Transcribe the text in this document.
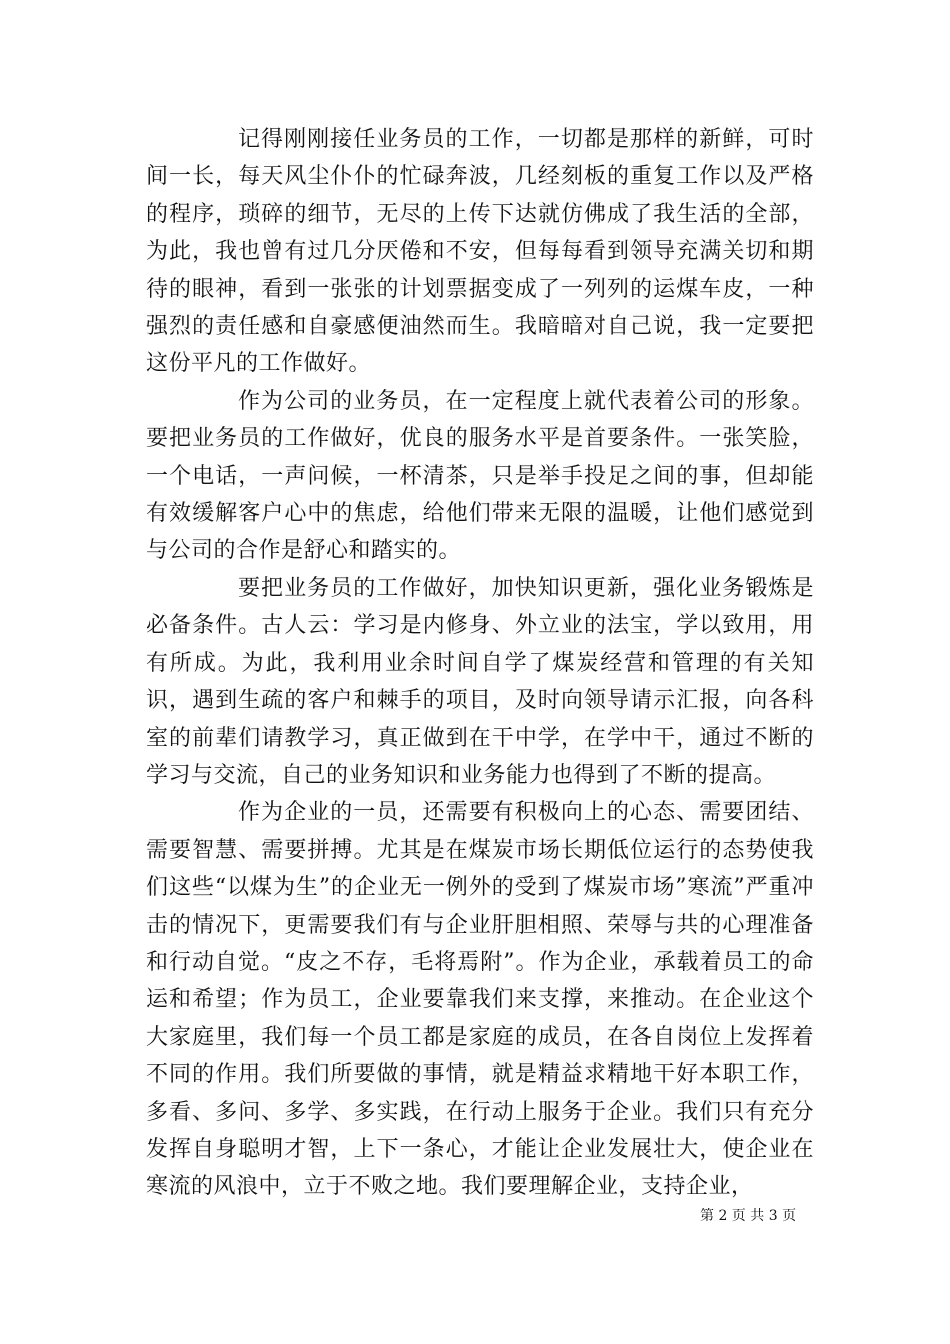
记得刚刚接任业务员的工作，一切都是那样的新鲜，可时间一长，每天风尘仆仆的忙碌奔波，几经刻板的重复工作以及严格的程序，琐碎的细节，无尽的上传下达就仿佛成了我生活的全部，为此，我也曾有过几分厌倦和不安，但每每看到领导充满关切和期待的眼神，看到一张张的计划票据变成了一列列的运煤车皮，一种强烈的责任感和自豪感便油然而生。我暗暗对自己说，我一定要把这份平凡的工作做好。

作为公司的业务员，在一定程度上就代表着公司的形象。要把业务员的工作做好，优良的服务水平是首要条件。一张笑脸，一个电话，一声问候，一杯清茶，只是举手投足之间的事，但却能有效缓解客户心中的焦虑，给他们带来无限的温暖，让他们感觉到与公司的合作是舒心和踏实的。

要把业务员的工作做好，加快知识更新，强化业务锻炼是必备条件。古人云：学习是内修身、外立业的法宝，学以致用，用有所成。为此，我利用业余时间自学了煤炭经营和管理的有关知识，遇到生疏的客户和棘手的项目，及时向领导请示汇报，向各科室的前辈们请教学习，真正做到在干中学，在学中干，通过不断的学习与交流，自己的业务知识和业务能力也得到了不断的提高。

作为企业的一员，还需要有积极向上的心态、需要团结、需要智慧、需要拼搏。尤其是在煤炭市场长期低位运行的态势使我们这些“以煤为生”的企业无一例外的受到了煤炭市场”寒流”严重冲击的情况下，更需要我们有与企业肝胆相照、荣辱与共的心理准备和行动自觉。“皮之不存，毛将焉附”。作为企业，承载着员工的命运和希望；作为员工，企业要靠我们来支撑，来推动。在企业这个大家庭里，我们每一个员工都是家庭的成员，在各自岗位上发挥着不同的作用。我们所要做的事情，就是精益求精地干好本职工作，多看、多问、多学、多实践，在行动上服务于企业。我们只有充分发挥自身聪明才智，上下一条心，才能让企业发展壮大，使企业在寒流的风浪中，立于不败之地。我们要理解企业，支持企业，

第 2 页 共 3 页
